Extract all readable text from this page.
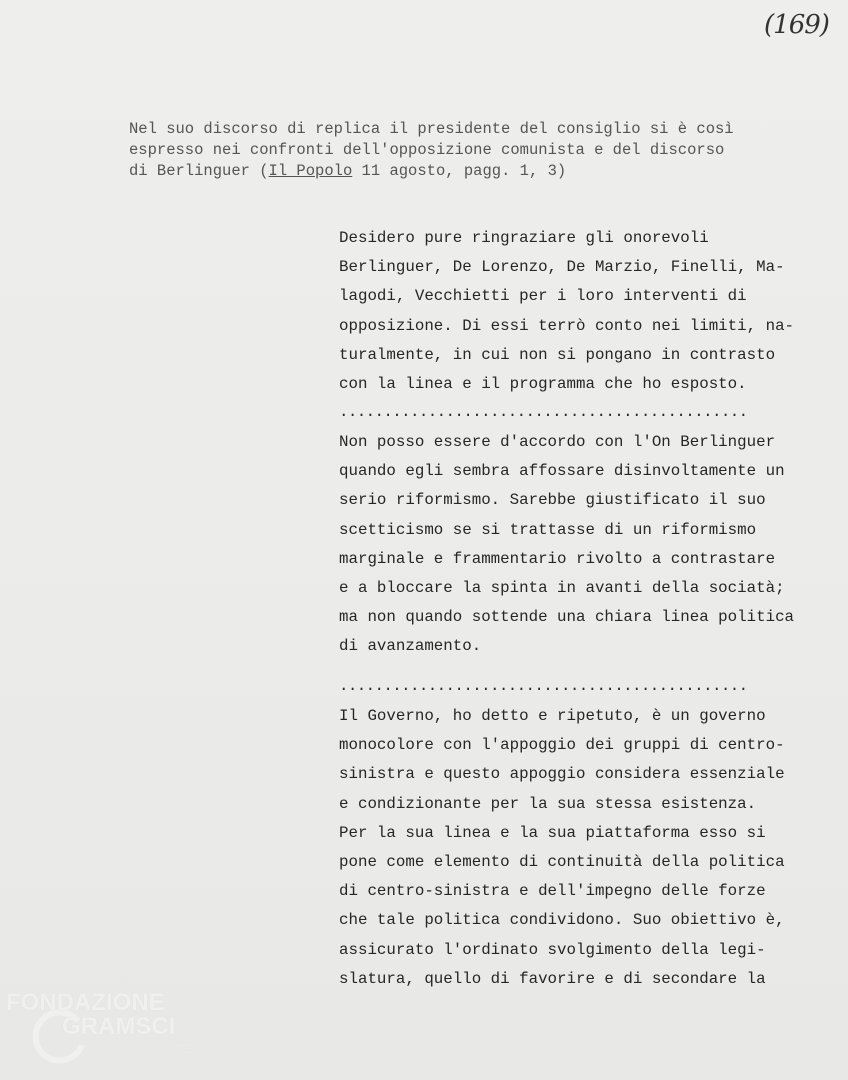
(169)
Nel suo discorso di replica il presidente del consiglio si è così
espresso nei confronti dell'opposizione comunista e del discorso
di Berlinguer (Il Popolo 11 agosto, pagg. 1, 3)
Desidero pure ringraziare gli onorevoli
Berlinguer, De Lorenzo, De Marzio, Finelli, Ma-
lagodi, Vecchietti per i loro interventi di
opposizione. Di essi terrò conto nei limiti, na-
turalmente, in cui non si pongano in contrasto
con la linea e il programma che ho esposto.
..............................................
Non posso essere d'accordo con l'On Berlinguer
quando egli sembra affossare disinvoltamente un
serio riformismo. Sarebbe giustificato il suo
scetticismo se si trattasse di un riformismo
marginale e frammentario rivolto a contrastare
e a bloccare la spinta in avanti della sociatà;
ma non quando sottende una chiara linea politica
di avanzamento.
..............................................
Il Governo, ho detto e ripetuto, è un governo
monocolore con l'appoggio dei gruppi di centro-
sinistra e questo appoggio considera essenziale
e condizionante per la sua stessa esistenza.
Per la sua linea e la sua piattaforma esso si
pone come elemento di continuità della politica
di centro-sinistra e dell'impegno delle forze
che tale politica condividono. Suo obiettivo è,
assicurato l'ordinato svolgimento della legi-
slatura, quello di favorire e di secondare la
FONDAZIONE
GRAMSCI
onlus
